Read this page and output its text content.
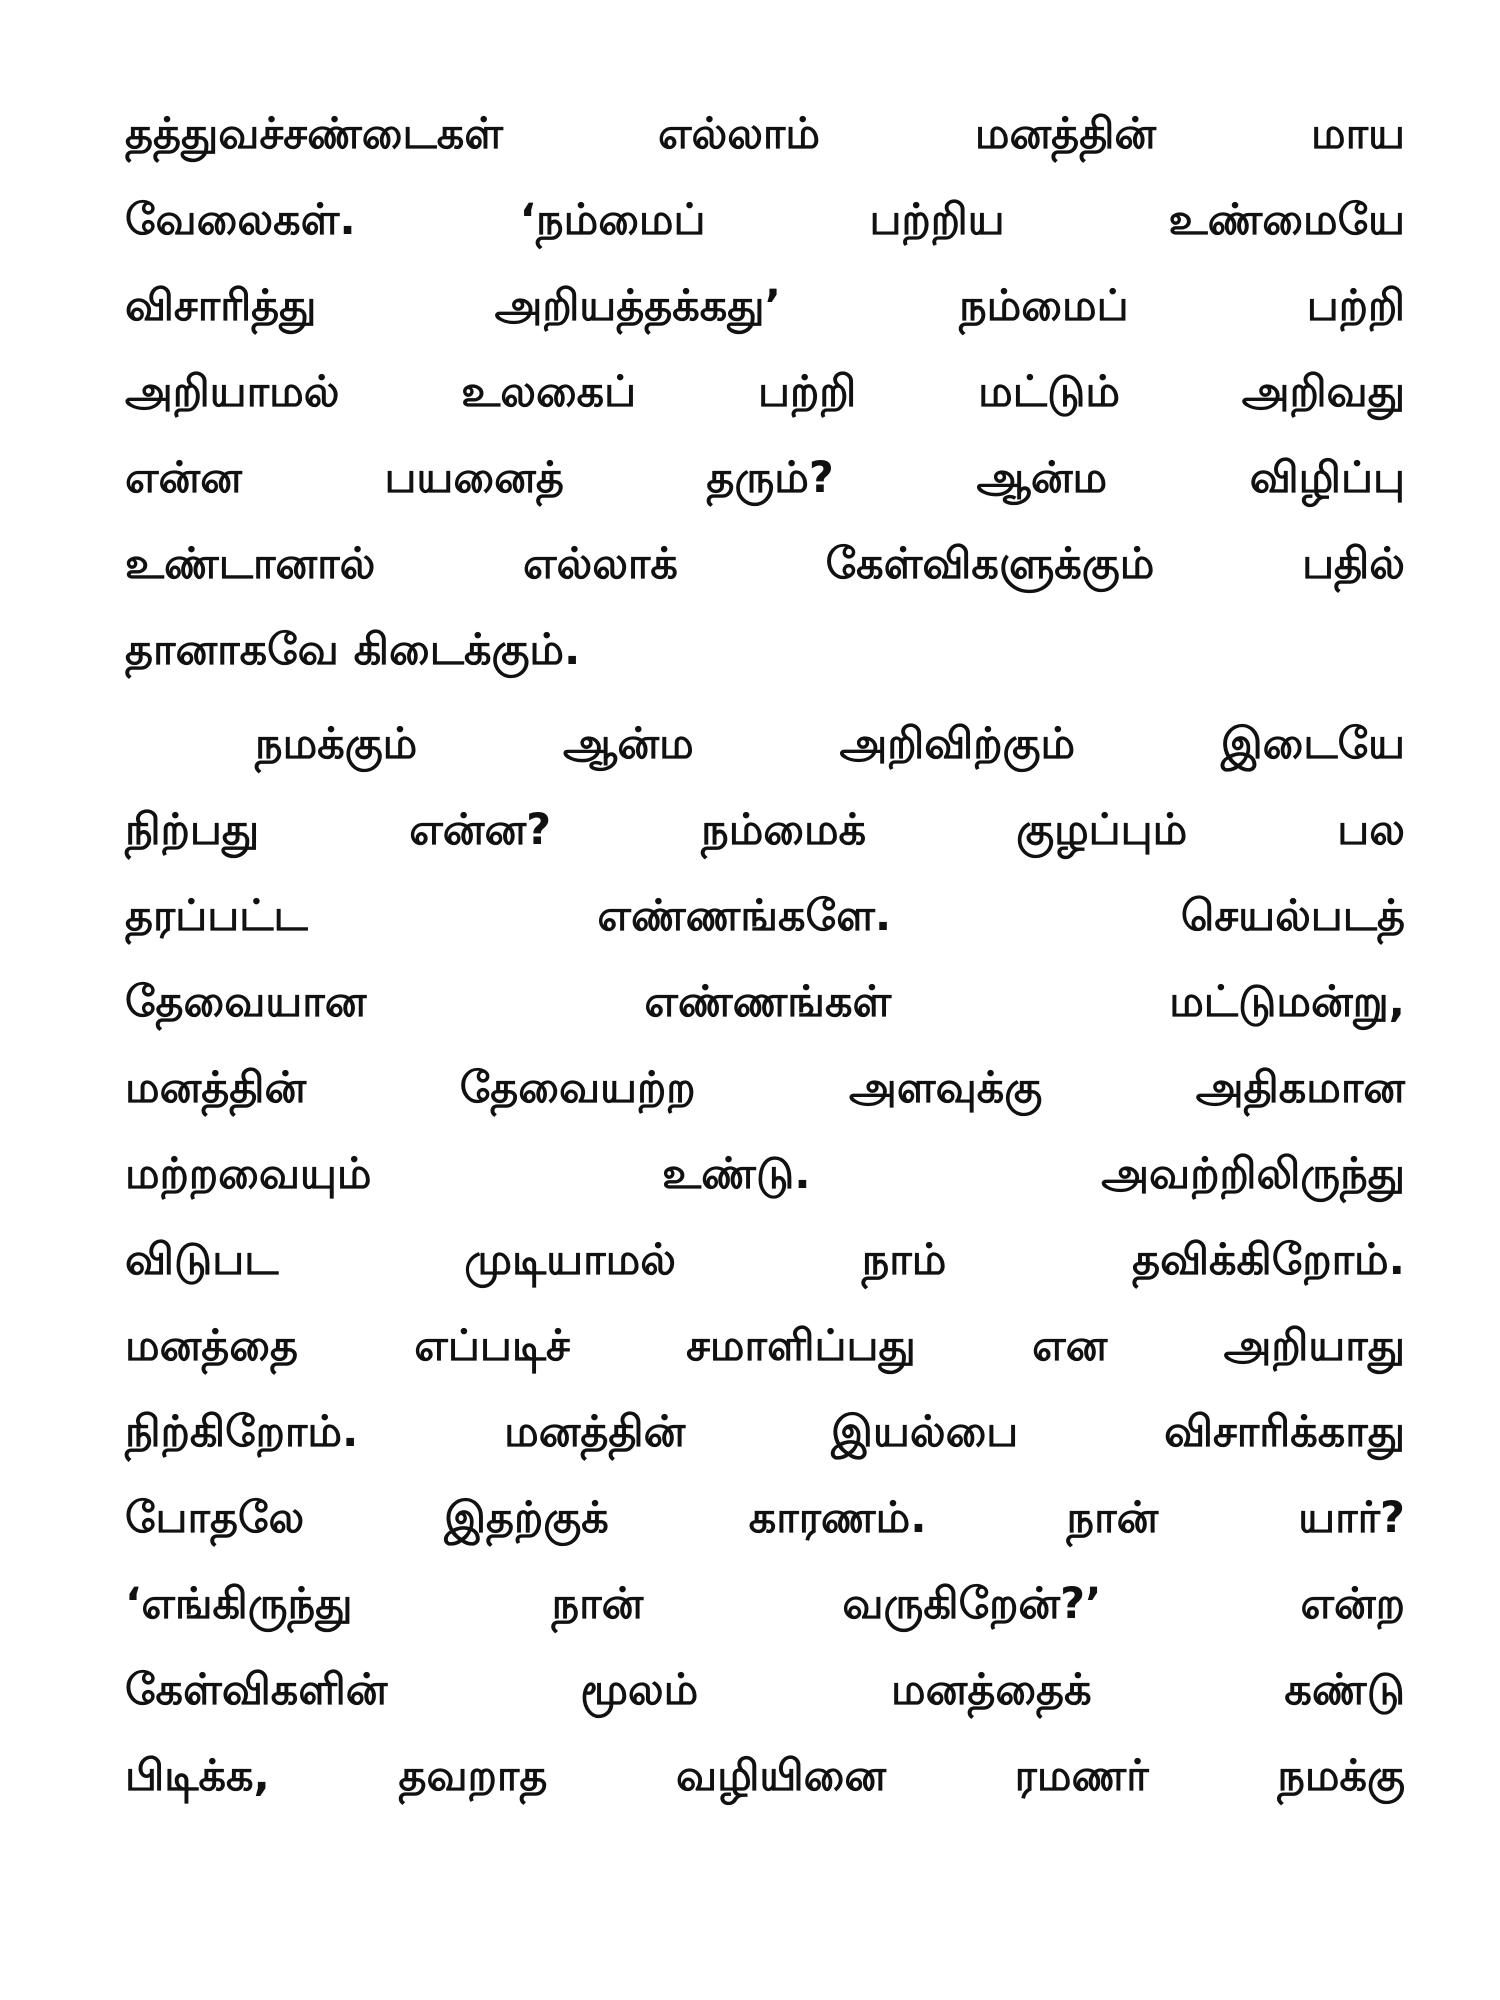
தத்துவச்சண்டைகள் எல்லாம் மனத்தின் மாய
வேலைகள். ‘நம்மைப் பற்றிய உண்மையே
விசாரித்து அறியத்தக்கது’ நம்மைப் பற்றி
அறியாமல் உலகைப் பற்றி மட்டும் அறிவது
என்ன பயனைத் தரும்? ஆன்ம விழிப்பு
உண்டானால் எல்லாக் கேள்விகளுக்கும் பதில்
தானாகவே கிடைக்கும்.
நமக்கும் ஆன்ம அறிவிற்கும் இடையே
நிற்பது என்ன? நம்மைக் குழப்பும் பல
தரப்பட்ட எண்ணங்களே. செயல்படத்
தேவையான எண்ணங்கள் மட்டுமன்று,
மனத்தின் தேவையற்ற அளவுக்கு அதிகமான
மற்றவையும் உண்டு. அவற்றிலிருந்து
விடுபட முடியாமல் நாம் தவிக்கிறோம்.
மனத்தை எப்படிச் சமாளிப்பது என அறியாது
நிற்கிறோம். மனத்தின் இயல்பை விசாரிக்காது
போதலே இதற்குக் காரணம். நான் யார்?
‘எங்கிருந்து நான் வருகிறேன்?’ என்ற
கேள்விகளின் மூலம் மனத்தைக் கண்டு
பிடிக்க, தவறாத வழியினை ரமணர் நமக்கு
